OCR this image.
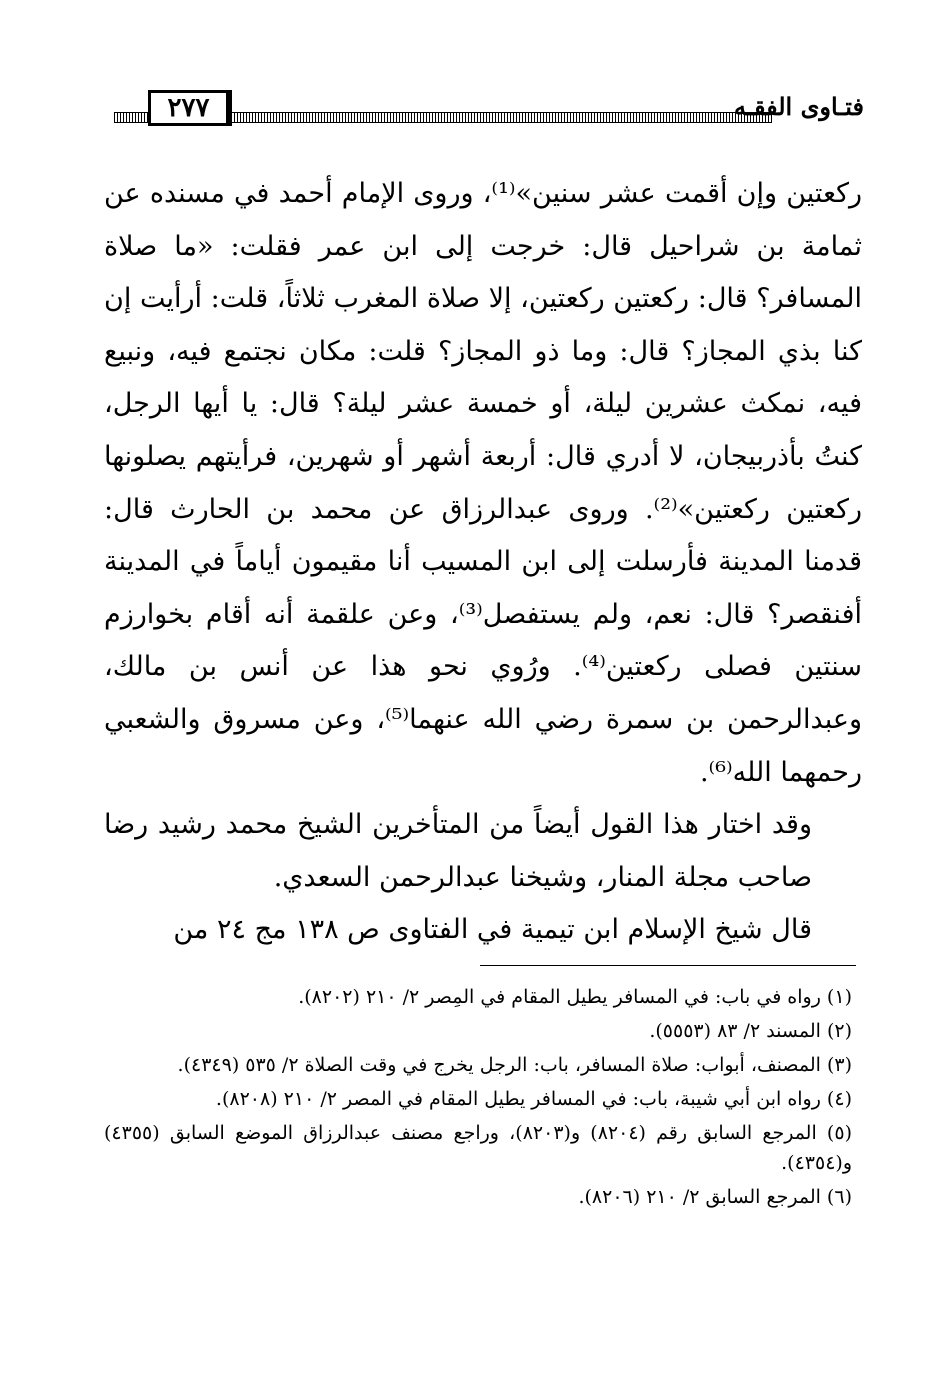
٢٧٧	فتـاوى الفقـه

ركعتين وإن أقمت عشر سنين»⁽¹⁾، وروى الإمام أحمد في مسنده عن ثمامة بن شراحيل قال: خرجت إلى ابن عمر فقلت: «ما صلاة المسافر؟ قال: ركعتين ركعتين، إلا صلاة المغرب ثلاثاً، قلت: أرأيت إن كنا بذي المجاز؟ قال: وما ذو المجاز؟ قلت: مكان نجتمع فيه، ونبيع فيه، نمكث عشرين ليلة، أو خمسة عشر ليلة؟ قال: يا أيها الرجل، كنتُ بأذربيجان، لا أدري قال: أربعة أشهر أو شهرين، فرأيتهم يصلونها ركعتين ركعتين»⁽²⁾. وروى عبدالرزاق عن محمد بن الحارث قال: قدمنا المدينة فأرسلت إلى ابن المسيب أنا مقيمون أياماً في المدينة أفنقصر؟ قال: نعم، ولم يستفصل⁽³⁾، وعن علقمة أنه أقام بخوارزم سنتين فصلى ركعتين⁽⁴⁾. ورُوي نحو هذا عن أنس بن مالك، وعبدالرحمن بن سمرة رضي الله عنهما⁽⁵⁾، وعن مسروق والشعبي رحمهما الله⁽⁶⁾.

وقد اختار هذا القول أيضاً من المتأخرين الشيخ محمد رشيد رضا صاحب مجلة المنار، وشيخنا عبدالرحمن السعدي.

قال شيخ الإسلام ابن تيمية في الفتاوى ص ١٣٨ مج ٢٤ من

(١) رواه في باب: في المسافر يطيل المقام في المِصر ٢/ ٢١٠ (٨٢٠٢).

(٢) المسند ٢/ ٨٣ (٥٥٥٣).

(٣) المصنف، أبواب: صلاة المسافر، باب: الرجل يخرج في وقت الصلاة ٢/ ٥٣٥ (٤٣٤٩).

(٤) رواه ابن أبي شيبة، باب: في المسافر يطيل المقام في المصر ٢/ ٢١٠ (٨٢٠٨).

(٥) المرجع السابق رقم (٨٢٠٤) و(٨٢٠٣)، وراجع مصنف عبدالرزاق الموضع السابق (٤٣٥٥) و(٤٣٥٤).

(٦) المرجع السابق ٢/ ٢١٠ (٨٢٠٦).
